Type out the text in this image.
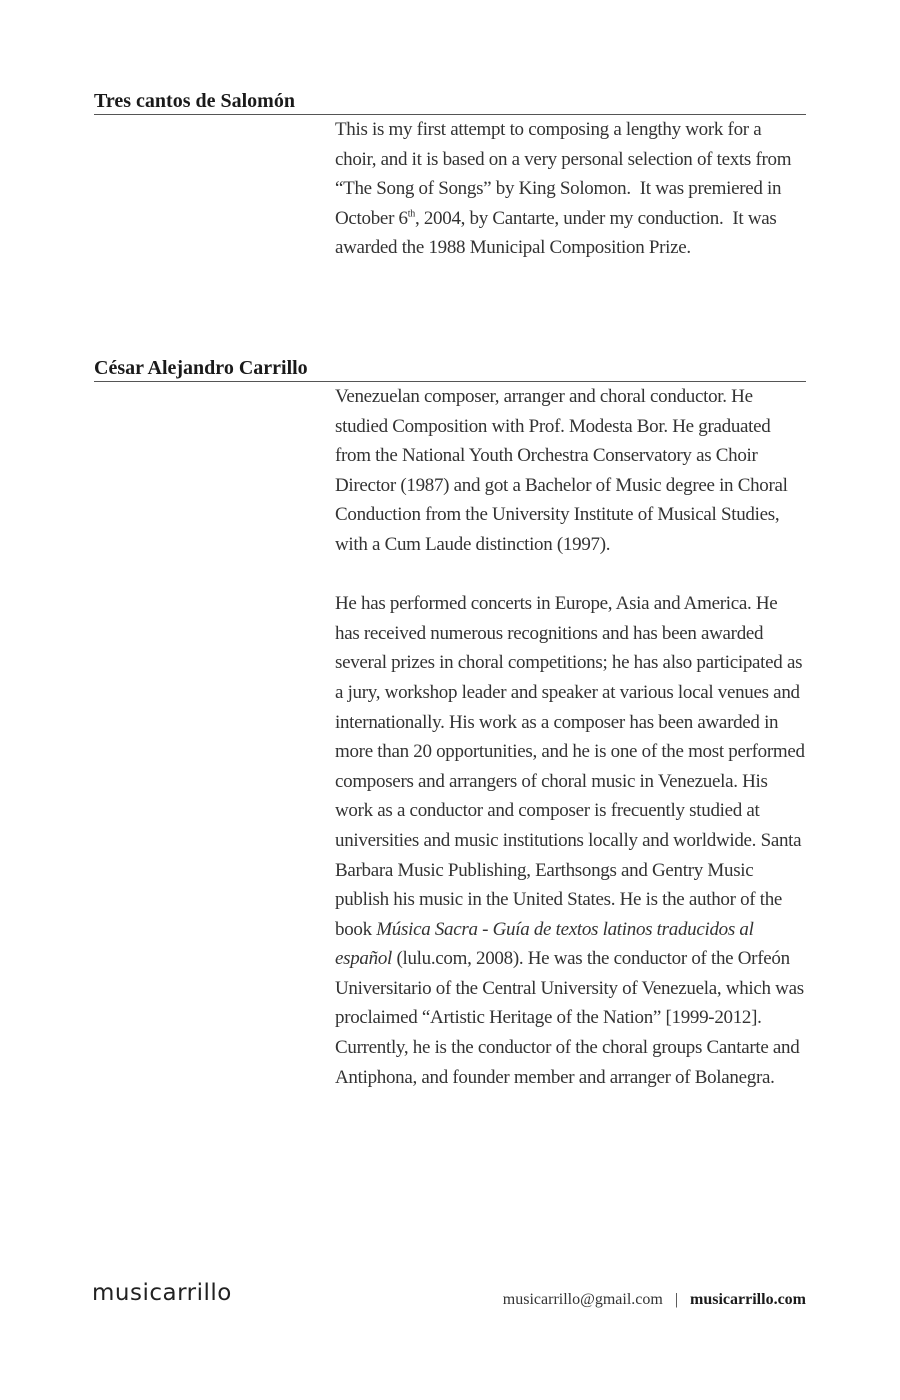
Tres cantos de Salomón

This is my first attempt to composing a lengthy work for a choir, and it is based on a very personal selection of texts from “The Song of Songs” by King Solomon.  It was premiered in October 6th, 2004, by Cantarte, under my conduction.  It was awarded the 1988 Municipal Composition Prize.

César Alejandro Carrillo

Venezuelan composer, arranger and choral conductor. He studied Composition with Prof. Modesta Bor. He graduated from the National Youth Orchestra Conservatory as Choir Director (1987) and got a Bachelor of Music degree in Choral Conduction from the University Institute of Musical Studies, with a Cum Laude distinction (1997).

He has performed concerts in Europe, Asia and America. He has received numerous recognitions and has been awarded several prizes in choral competitions; he has also participated as a jury, workshop leader and speaker at various local venues and internationally. His work as a composer has been awarded in more than 20 opportunities, and he is one of the most performed composers and arrangers of choral music in Venezuela. His work as a conductor and composer is frecuently studied at universities and music institutions locally and worldwide. Santa Barbara Music Publishing, Earthsongs and Gentry Music publish his music in the United States. He is the author of the book Música Sacra - Guía de textos latinos traducidos al español (lulu.com, 2008). He was the conductor of the Orfeón Universitario of the Central University of Venezuela, which was proclaimed “Artistic Heritage of the Nation” [1999-2012]. Currently, he is the conductor of the choral groups Cantarte and Antiphona, and founder member and arranger of Bolanegra.

musicarrillo	musicarrillo@gmail.com | musicarrillo.com
